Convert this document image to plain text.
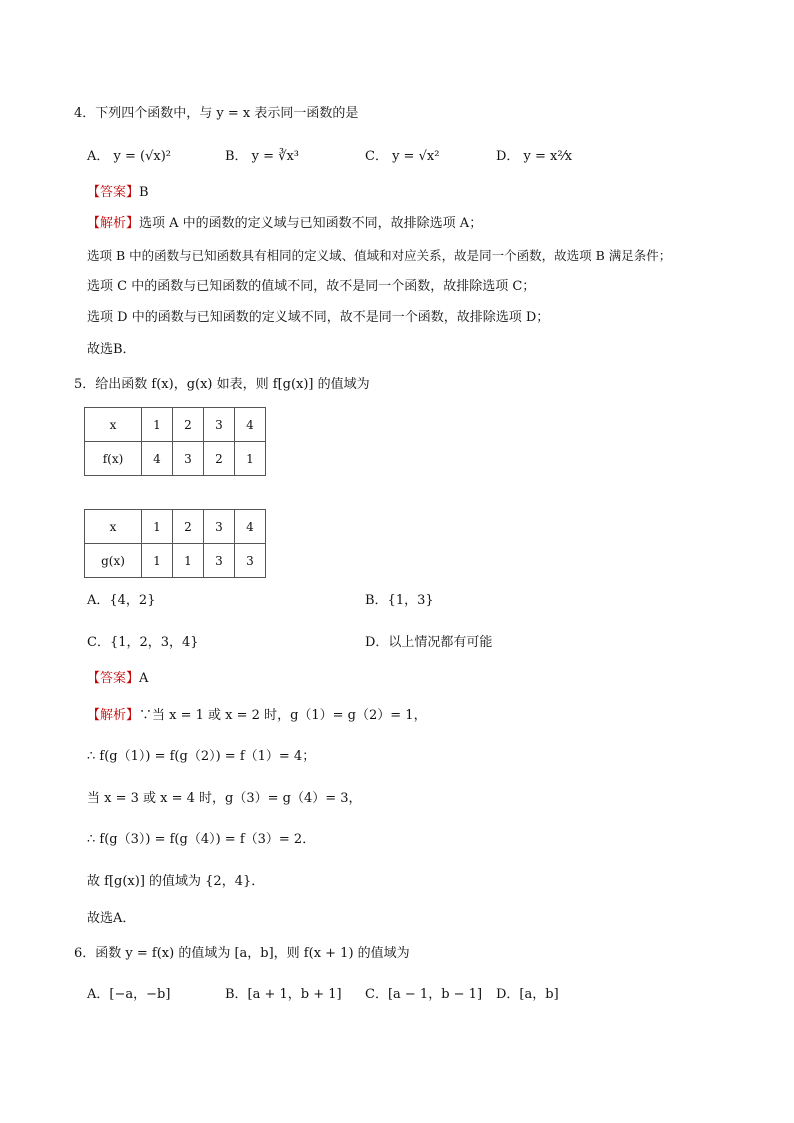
4．下列四个函数中，与 y = x 表示同一函数的是
A． y = (√x)²	B． y = ∛x³	C． y = √x²	D． y = x²⁄x
【答案】B
【解析】选项 A 中的函数的定义域与已知函数不同，故排除选项 A；
选项 B 中的函数与已知函数具有相同的定义域、值域和对应关系，故是同一个函数，故选项 B 满足条件；
选项 C 中的函数与已知函数的值域不同，故不是同一个函数，故排除选项 C；
选项 D 中的函数与已知函数的定义域不同，故不是同一个函数，故排除选项 D；
故选B．
5．给出函数 f(x)，g(x) 如表，则 f[g(x)] 的值域为
x	1	2	3	4
f(x)	4	3	2	1
x	1	2	3	4
g(x)	1	1	3	3
A．{4，2}	B．{1，3}
C．{1，2，3，4}	D．以上情况都有可能
【答案】A
【解析】∵当 x = 1 或 x = 2 时，g（1）= g（2）= 1，
∴ f(g（1）) = f(g（2）) = f（1）= 4；
当 x = 3 或 x = 4 时，g（3）= g（4）= 3，
∴ f(g（3）) = f(g（4）) = f（3）= 2．
故 f[g(x)] 的值域为 {2，4}．
故选A．
6．函数 y = f(x) 的值域为 [a，b]，则 f(x + 1) 的值域为
A．[−a，−b]	B．[a + 1，b + 1] C．[a − 1，b − 1] D．[a，b]
